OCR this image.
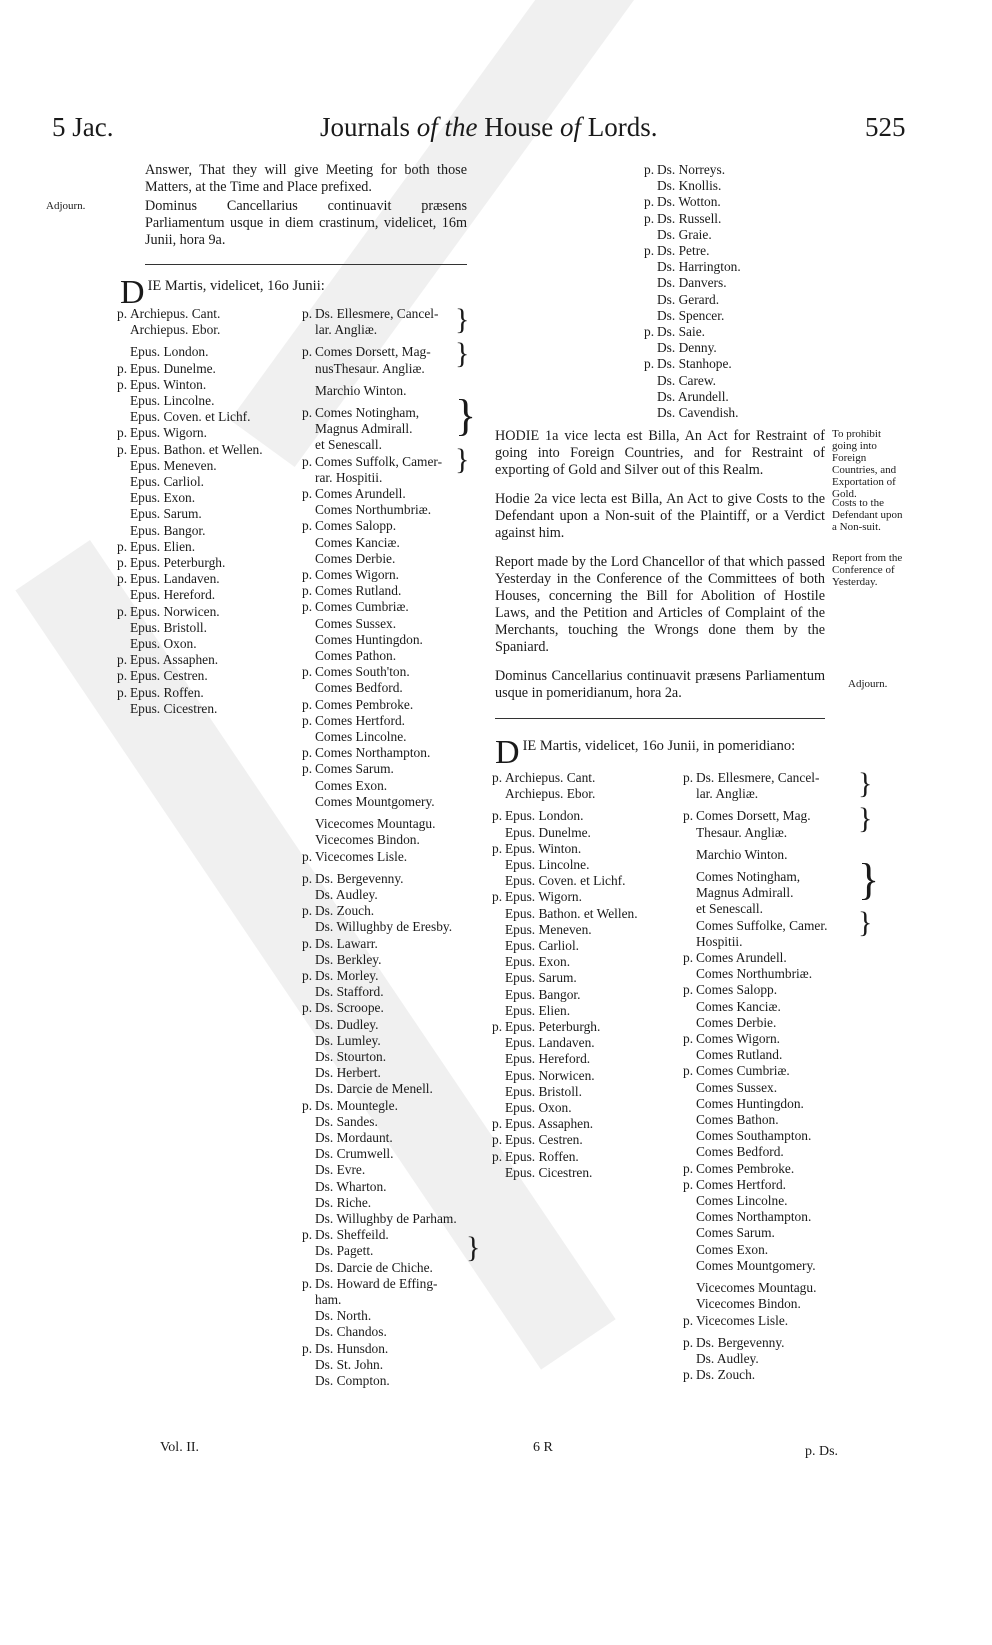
5 Jac.	Journals of the House of Lords.	525
Answer, That they will give Meeting for both those Matters, at the Time and Place prefixed.
Adjourn.	Dominus Cancellarius continuavit præsens Parliamentum usque in diem crastinum, videlicet, 16m Junii, hora 9a.
D IE Martis, videlicet, 16o Junii:
p. Archiepus. Cant.
Archiepus. Ebor.
Epus. London.
p. Epus. Dunelme.
p. Epus. Winton.
Epus. Lincolne.
Epus. Coven. et Lichf.
p. Epus. Wigorn.
p. Epus. Bathon. et Wellen.
Epus. Meneven.
Epus. Carliol.
Epus. Exon.
Epus. Sarum.
Epus. Bangor.
p. Epus. Elien.
p. Epus. Peterburgh.
p. Epus. Landaven.
Epus. Hereford.
p. Epus. Norwicen.
Epus. Bristoll.
Epus. Oxon.
p. Epus. Assaphen.
p. Epus. Cestren.
p. Epus. Roffen.
Epus. Cicestren.
p. Ds. Ellesmere, Cancel-
lar. Angliæ.
p. Comes Dorsett, Mag-
nusThesaur. Angliæ.
Marchio Winton.
p. Comes Notingham,
Magnus Admirall.
et Senescall.
p. Comes Suffolk, Camer-
rar. Hospitii.
p. Comes Arundell.
Comes Northumbriæ.
p. Comes Salopp.
Comes Kanciæ.
Comes Derbie.
p. Comes Wigorn.
p. Comes Rutland.
p. Comes Cumbriæ.
Comes Sussex.
Comes Huntingdon.
Comes Pathon.
p. Comes South'ton.
Comes Bedford.
p. Comes Pembroke.
p. Comes Hertford.
Comes Lincolne.
p. Comes Northampton.
p. Comes Sarum.
Comes Exon.
Comes Mountgomery.
Vicecomes Mountagu.
Vicecomes Bindon.
p. Vicecomes Lisle.
p. Ds. Bergevenny.
Ds. Audley.
p. Ds. Zouch.
Ds. Willughby de Eresby.
p. Ds. Lawarr.
Ds. Berkley.
p. Ds. Morley.
Ds. Stafford.
p. Ds. Scroope.
Ds. Dudley.
Ds. Lumley.
Ds. Stourton.
Ds. Herbert.
Ds. Darcie de Menell.
p. Ds. Mountegle.
Ds. Sandes.
Ds. Mordaunt.
Ds. Crumwell.
Ds. Evre.
Ds. Wharton.
Ds. Riche.
Ds. Willughby de Parham.
p. Ds. Sheffeild.
Ds. Pagett.
Ds. Darcie de Chiche.
p. Ds. Howard de Effing-
ham.
Ds. North.
Ds. Chandos.
p. Ds. Hunsdon.
Ds. St. John.
Ds. Compton.
p. Ds. Norreys.
Ds. Knollis.
p. Ds. Wotton.
p. Ds. Russell.
Ds. Graie.
p. Ds. Petre.
Ds. Harrington.
Ds. Danvers.
Ds. Gerard.
Ds. Spencer.
p. Ds. Saie.
Ds. Denny.
p. Ds. Stanhope.
Ds. Carew.
Ds. Arundell.
Ds. Cavendish.
}
}
}
}
}
HODIE 1a vice lecta est Billa, An Act for Restraint of going into Foreign Countries, and for Restraint of exporting of Gold and Silver out of this Realm.
Hodie 2a vice lecta est Billa, An Act to give Costs to the Defendant upon a Non-suit of the Plaintiff, or a Verdict against him.
Report made by the Lord Chancellor of that which passed Yesterday in the Conference of the Committees of both Houses, concerning the Bill for Abolition of Hostile Laws, and the Petition and Articles of Complaint of the Merchants, touching the Wrongs done them by the Spaniard.
Dominus Cancellarius continuavit præsens Parliamentum usque in pomeridianum, hora 2a.
To prohibit going into Foreign Countries, and Exportation of Gold.
Costs to the Defendant upon a Non-suit.
Report from the Conference of Yesterday.
Adjourn.
D IE Martis, videlicet, 16o Junii, in pomeridiano:
p. Archiepus. Cant.
Archiepus. Ebor.
p. Epus. London.
Epus. Dunelme.
p. Epus. Winton.
Epus. Lincolne.
Epus. Coven. et Lichf.
p. Epus. Wigorn.
Epus. Bathon. et Wellen.
Epus. Meneven.
Epus. Carliol.
Epus. Exon.
Epus. Sarum.
Epus. Bangor.
Epus. Elien.
p. Epus. Peterburgh.
Epus. Landaven.
Epus. Hereford.
Epus. Norwicen.
Epus. Bristoll.
Epus. Oxon.
p. Epus. Assaphen.
p. Epus. Cestren.
p. Epus. Roffen.
Epus. Cicestren.
p. Ds. Ellesmere, Cancel-
lar. Angliæ.
p. Comes Dorsett, Mag.
Thesaur. Angliæ.
Marchio Winton.
Comes Notingham,
Magnus Admirall.
et Senescall.
Comes Suffolke, Camer.
Hospitii.
p. Comes Arundell.
Comes Northumbriæ.
p. Comes Salopp.
Comes Kanciæ.
Comes Derbie.
p. Comes Wigorn.
Comes Rutland.
p. Comes Cumbriæ.
Comes Sussex.
Comes Huntingdon.
Comes Bathon.
Comes Southampton.
Comes Bedford.
p. Comes Pembroke.
p. Comes Hertford.
Comes Lincolne.
Comes Northampton.
Comes Sarum.
Comes Exon.
Comes Mountgomery.
Vicecomes Mountagu.
Vicecomes Bindon.
p. Vicecomes Lisle.
p. Ds. Bergevenny.
Ds. Audley.
p. Ds. Zouch.
}
}
}
}
Vol. II.	6 R	p. Ds.
